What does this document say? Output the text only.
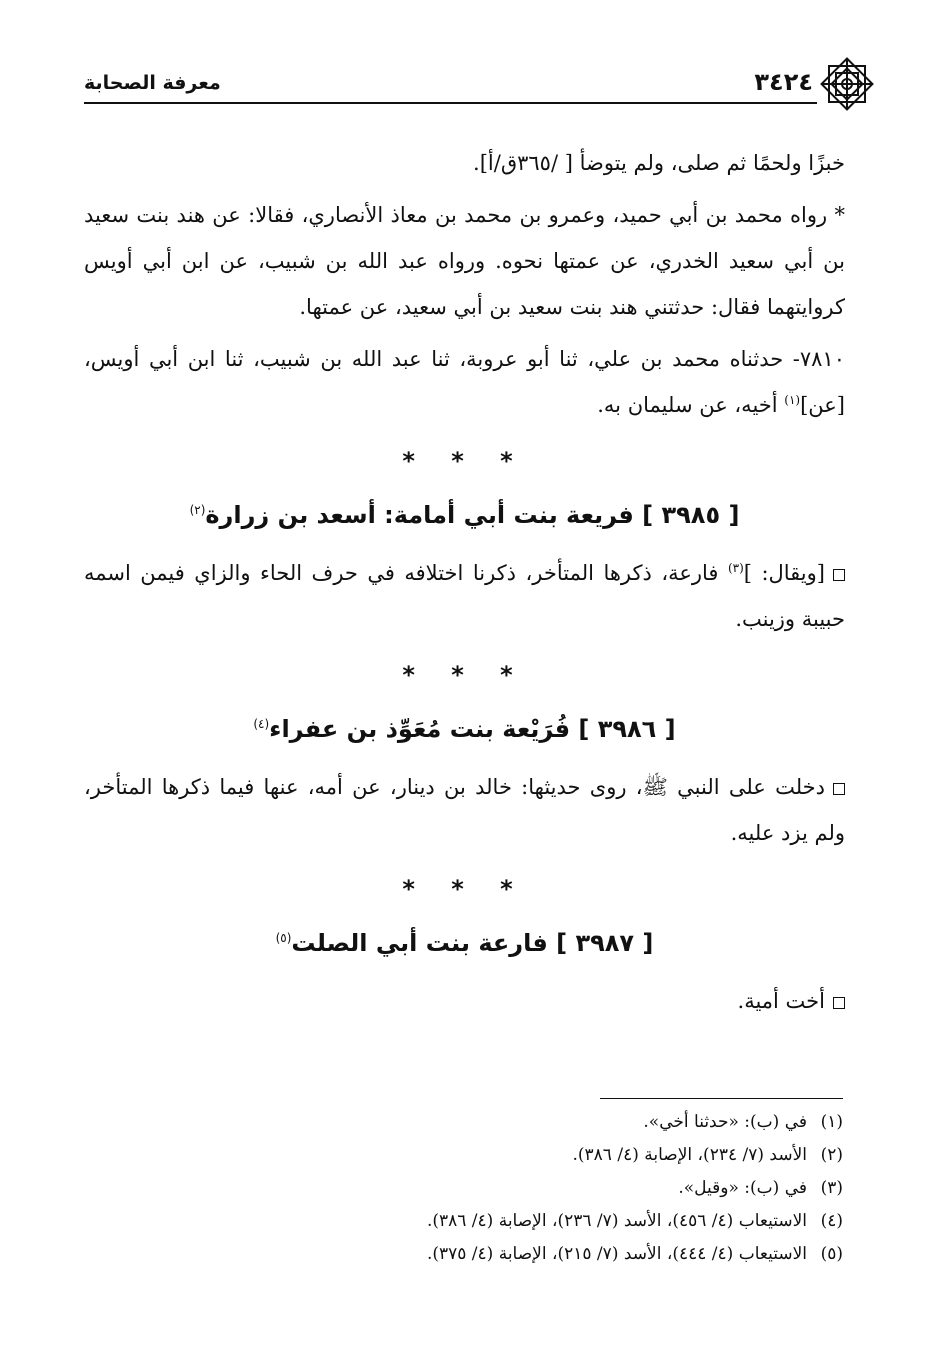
معرفة الصحابة	٣٤٢٤

خبزًا ولحمًا ثم صلى، ولم يتوضأ [ /٣٦٥ق/أ].

* رواه محمد بن أبي حميد، وعمرو بن محمد بن معاذ الأنصاري، فقالا: عن هند بنت سعيد بن أبي سعيد الخدري، عن عمتها نحوه. ورواه عبد الله بن شبيب، عن ابن أبي أويس كروايتهما فقال: حدثتني هند بنت سعيد بن أبي سعيد، عن عمتها.

٧٨١٠- حدثناه محمد بن علي، ثنا أبو عروبة، ثنا عبد الله بن شبيب، ثنا ابن أبي أويس، [عن]$^{(١)}$ أخيه، عن سليمان به.

* * *
[ ٣٩٨٥ ] فريعة بنت أبي أمامة: أسعد بن زرارة$^{(٢)}$

[ويقال: ]$^{(٣)}$ فارعة، ذكرها المتأخر، ذكرنا اختلافه في حرف الحاء والزاي فيمن اسمه حبيبة وزينب.

* * *
[ ٣٩٨٦ ] فُرَيْعة بنت مُعَوِّذ بن عفراء$^{(٤)}$

دخلت على النبي ﷺ، روى حديثها: خالد بن دينار، عن أمه، عنها فيما ذكرها المتأخر، ولم يزد عليه.

* * *
[ ٣٩٨٧ ] فارعة بنت أبي الصلت$^{(٥)}$

أخت أمية.

(١)في (ب): «حدثنا أخي».
(٢)الأسد (٧/ ٢٣٤)، الإصابة (٤/ ٣٨٦).
(٣)في (ب): «وقيل».
(٤)الاستيعاب (٤/ ٤٥٦)، الأسد (٧/ ٢٣٦)، الإصابة (٤/ ٣٨٦).
(٥)الاستيعاب (٤/ ٤٤٤)، الأسد (٧/ ٢١٥)، الإصابة (٤/ ٣٧٥).
